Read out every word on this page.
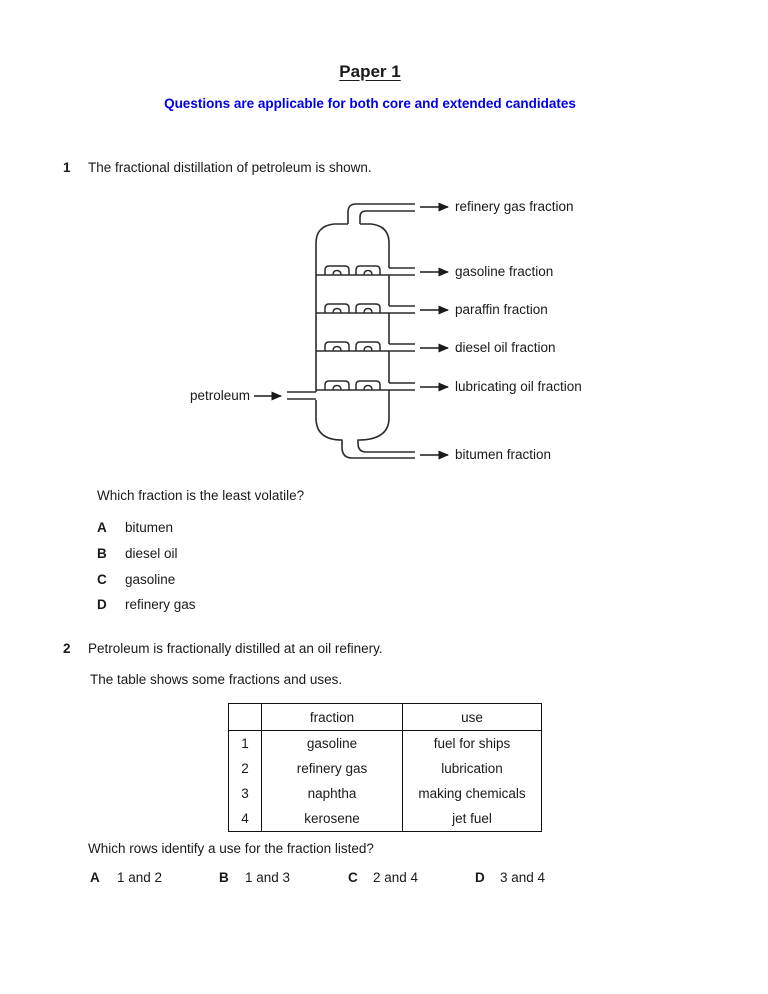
Paper 1
Questions are applicable for both core and extended candidates
1 The fractional distillation of petroleum is shown.
refinery gas fraction
gasoline fraction
paraffin fraction
diesel oil fraction
lubricating oil fraction
bitumen fraction
petroleum
Which fraction is the least volatile?
A bitumen
B diesel oil
C gasoline
D refinery gas
2 Petroleum is fractionally distilled at an oil refinery.
The table shows some fractions and uses.
	fraction	use
1	gasoline	fuel for ships
2	refinery gas	lubrication
3	naphtha	making chemicals
4	kerosene	jet fuel
Which rows identify a use for the fraction listed?
A 1 and 2	B 1 and 3	C 2 and 4	D 3 and 4
